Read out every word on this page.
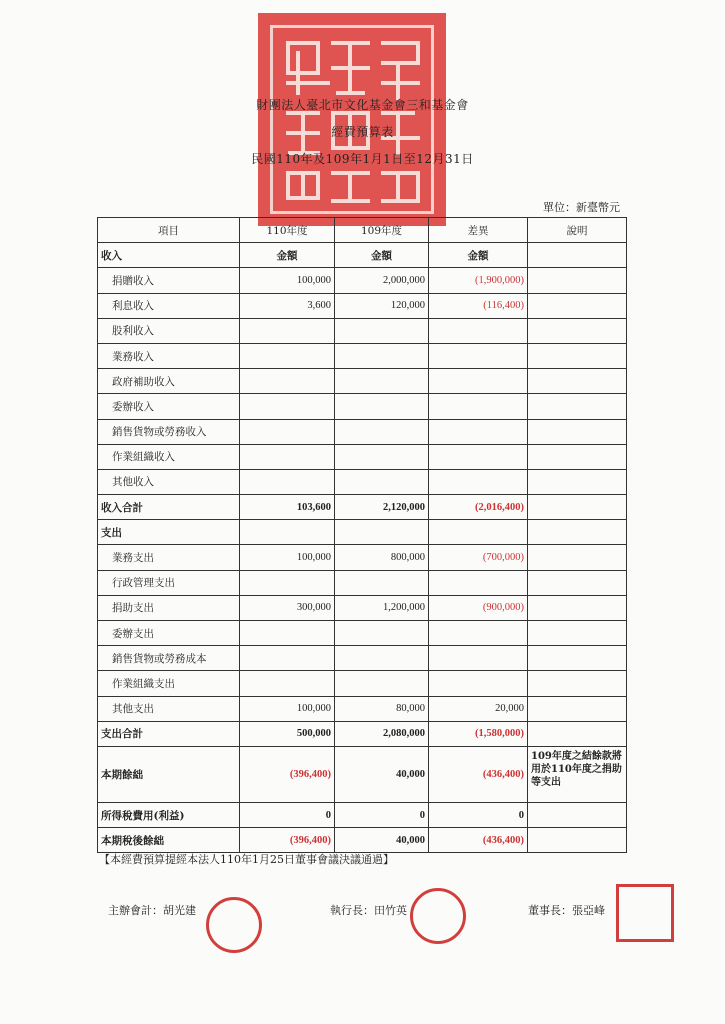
財團法人臺北市文化基金會三和基金會
經費預算表
民國110年及109年1月1日至12月31日
單位：新臺幣元
項目	110年度	109年度	差異	說明
收入	金額	金額	金額	
捐贈收入	100,000	2,000,000	(1,900,000)	
利息收入	3,600	120,000	(116,400)	
股利收入				
業務收入				
政府補助收入				
委辦收入				
銷售貨物或勞務收入				
作業組織收入				
其他收入				
收入合計	103,600	2,120,000	(2,016,400)	
支出				
業務支出	100,000	800,000	(700,000)	
行政管理支出				
捐助支出	300,000	1,200,000	(900,000)	
委辦支出				
銷售貨物或勞務成本				
作業組織支出				
其他支出	100,000	80,000	20,000	
支出合計	500,000	2,080,000	(1,580,000)	
本期餘絀	(396,400)	40,000	(436,400)	109年度之結餘款將用於110年度之捐助等支出
所得稅費用(利益)	0	0	0	
本期稅後餘絀	(396,400)	40,000	(436,400)	
【本經費預算提經本法人110年1月25日董事會議決議通過】
主辦會計：胡光建	執行長：田竹英	董事長：張亞峰
